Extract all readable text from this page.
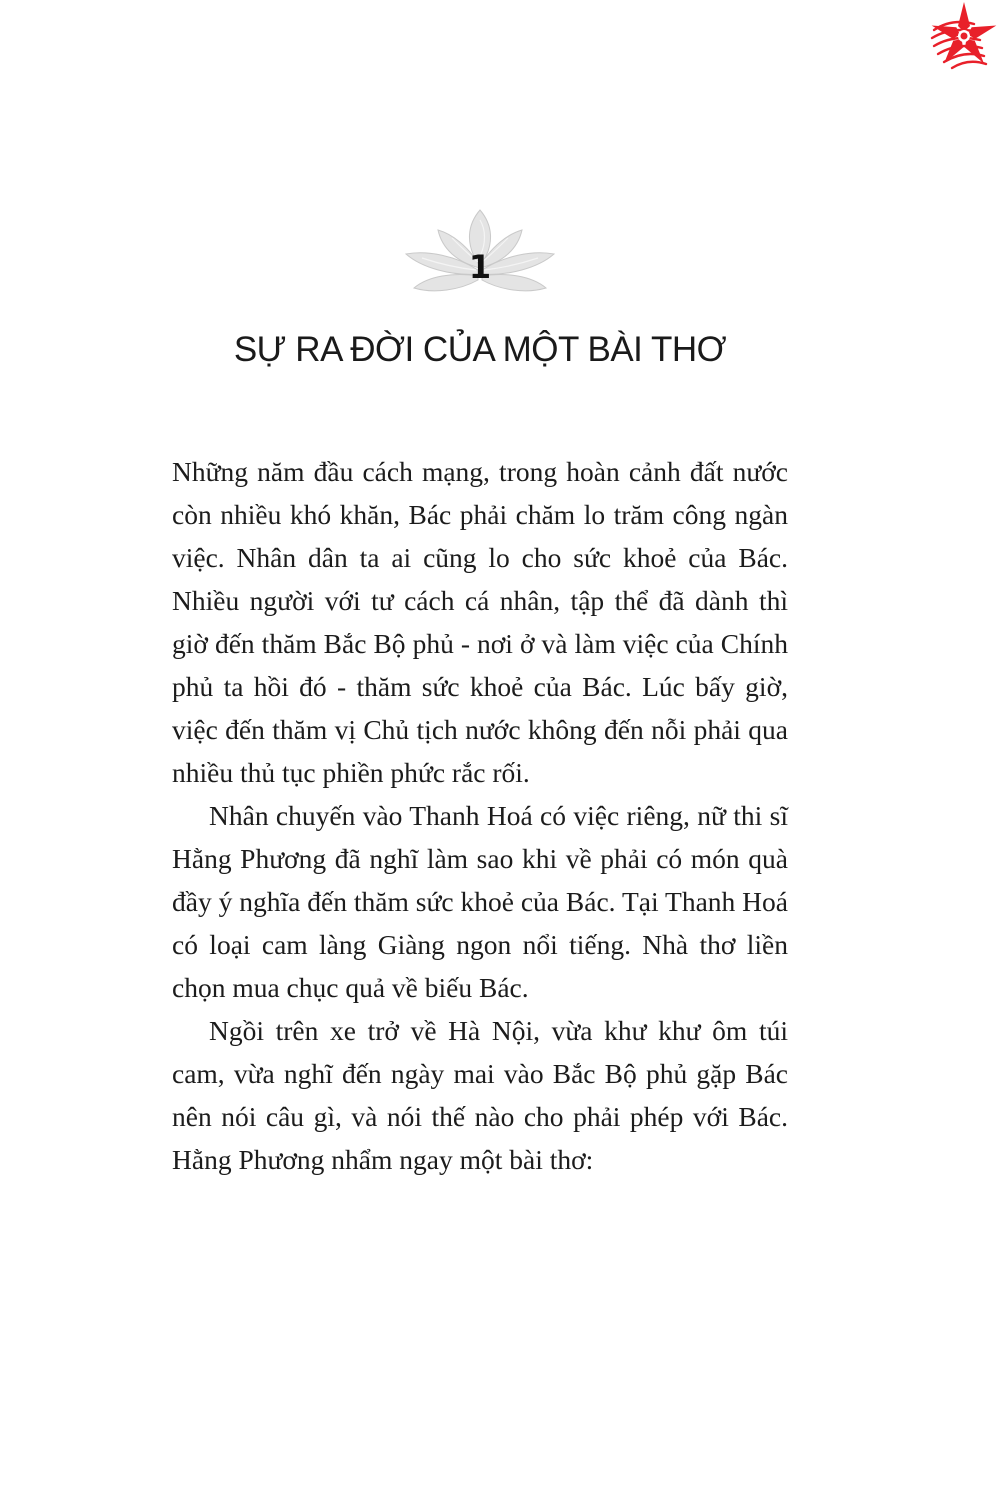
1
SỰ RA ĐỜI CỦA MỘT BÀI THƠ

Những năm đầu cách mạng, trong hoàn cảnh đất nước còn nhiều khó khăn, Bác phải chăm lo trăm công ngàn việc. Nhân dân ta ai cũng lo cho sức khoẻ của Bác. Nhiều người với tư cách cá nhân, tập thể đã dành thì giờ đến thăm Bắc Bộ phủ - nơi ở và làm việc của Chính phủ ta hồi đó - thăm sức khoẻ của Bác. Lúc bấy giờ, việc đến thăm vị Chủ tịch nước không đến nỗi phải qua nhiều thủ tục phiền phức rắc rối.

Nhân chuyến vào Thanh Hoá có việc riêng, nữ thi sĩ Hằng Phương đã nghĩ làm sao khi về phải có món quà đầy ý nghĩa đến thăm sức khoẻ của Bác. Tại Thanh Hoá có loại cam làng Giàng ngon nổi tiếng. Nhà thơ liền chọn mua chục quả về biếu Bác.

Ngồi trên xe trở về Hà Nội, vừa khư khư ôm túi cam, vừa nghĩ đến ngày mai vào Bắc Bộ phủ gặp Bác nên nói câu gì, và nói thế nào cho phải phép với Bác. Hằng Phương nhẩm ngay một bài thơ:
